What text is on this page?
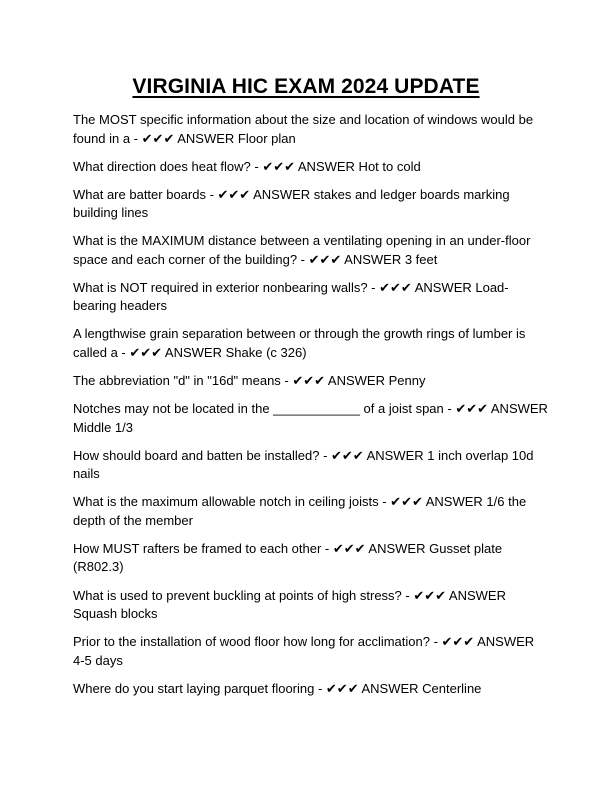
VIRGINIA HIC EXAM 2024 UPDATE

The MOST specific information about the size and location of windows would be found in a - ✔✔✔ ANSWER Floor plan

What direction does heat flow? - ✔✔✔ ANSWER Hot to cold

What are batter boards - ✔✔✔ ANSWER stakes and ledger boards marking building lines

What is the MAXIMUM distance between a ventilating opening in an under-floor space and each corner of the building? - ✔✔✔ ANSWER 3 feet

What is NOT required in exterior nonbearing walls? - ✔✔✔ ANSWER Load-bearing headers

A lengthwise grain separation between or through the growth rings of lumber is called a - ✔✔✔ ANSWER Shake (c 326)

The abbreviation "d" in "16d" means - ✔✔✔ ANSWER Penny

Notches may not be located in the ____________ of a joist span - ✔✔✔ ANSWER Middle 1/3

How should board and batten be installed? - ✔✔✔ ANSWER 1 inch overlap 10d nails

What is the maximum allowable notch in ceiling joists - ✔✔✔ ANSWER 1/6 the depth of the member

How MUST rafters be framed to each other - ✔✔✔ ANSWER Gusset plate (R802.3)

What is used to prevent buckling at points of high stress? - ✔✔✔ ANSWER Squash blocks

Prior to the installation of wood floor how long for acclimation? - ✔✔✔ ANSWER 4-5 days

Where do you start laying parquet flooring - ✔✔✔ ANSWER Centerline
